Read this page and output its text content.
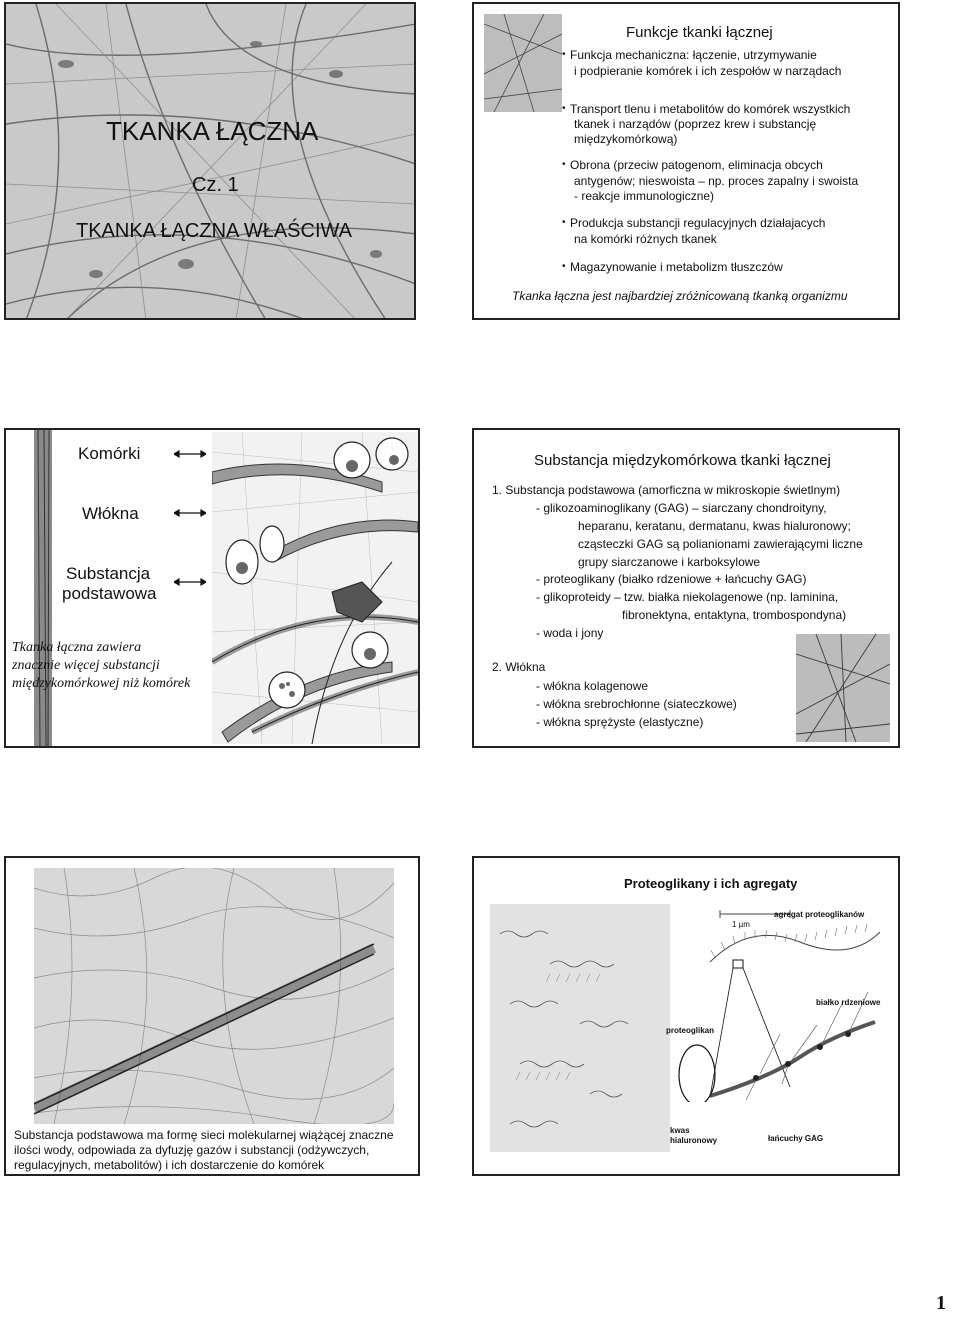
TKANKA ŁĄCZNA
Cz. 1
TKANKA ŁĄCZNA WŁAŚCIWA
Funkcje tkanki łącznej
Funkcja mechaniczna: łączenie, utrzymywanie
i podpieranie komórek i ich zespołów w narządach
Transport tlenu i metabolitów do komórek wszystkich
tkanek i narządów (poprzez krew i substancję
międzykomórkową)
Obrona (przeciw patogenom, eliminacja obcych
antygenów; nieswoista – np. proces zapalny i swoista
- reakcje immunologiczne)
Produkcja substancji regulacyjnych działajacych
na komórki różnych tkanek
Magazynowanie i metabolizm tłuszczów
•
•
•
•
•
Tkanka łączna jest najbardziej zróżnicowaną tkanką organizmu
Komórki
Włókna
Substancja
podstawowa
Tkanka łączna zawiera
znacznie więcej substancji
międzykomórkowej niż komórek
Substancja międzykomórkowa tkanki łącznej
1. Substancja podstawowa (amorficzna w mikroskopie świetlnym)
- glikozoaminoglikany (GAG) – siarczany chondroityny,
heparanu, keratanu, dermatanu, kwas hialuronowy;
cząsteczki GAG są polianionami zawierającymi liczne
grupy siarczanowe i karboksylowe
- proteoglikany (białko rdzeniowe + łańcuchy GAG)
- glikoproteidy – tzw. białka niekolagenowe (np. laminina,
fibronektyna, entaktyna, trombospondyna)
- woda i jony
2. Włókna
- włókna kolagenowe
- włókna srebrochłonne (siateczkowe)
- włókna sprężyste (elastyczne)
Substancja podstawowa ma formę sieci molekularnej wiążącej znaczne
ilości wody, odpowiada za dyfuzję gazów i substancji (odżywczych,
regulacyjnych, metabolitów) i ich dostarczenie do komórek
Proteoglikany i ich agregaty
1 µm
agregat proteoglikanów
białko rdzeniowe
proteoglikan
kwas
hialuronowy	łańcuchy GAG
1
